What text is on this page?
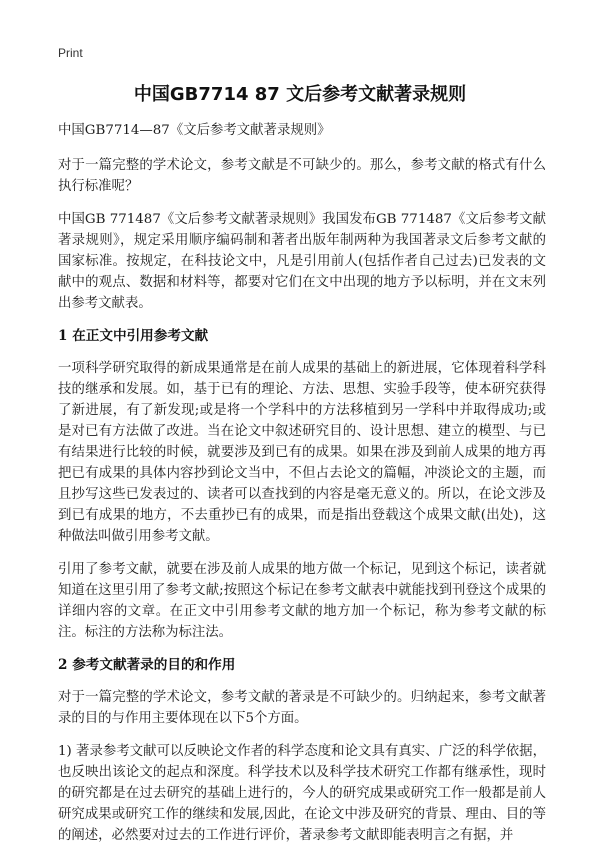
Print
中国GB7714 87 文后参考文献著录规则

中国GB7714—87《文后参考文献著录规则》

对于一篇完整的学术论文，参考文献是不可缺少的。那么，参考文献的格式有什么执行标准呢？

中国GB 771487《文后参考文献著录规则》我国发布GB 771487《文后参考文献著录规则》，规定采用顺序编码制和著者出版年制两种为我国著录文后参考文献的国家标准。按规定，在科技论文中，凡是引用前人(包括作者自己过去)已发表的文献中的观点、数据和材料等，都要对它们在文中出现的地方予以标明，并在文末列出参考文献表。

1 在正文中引用参考文献

一项科学研究取得的新成果通常是在前人成果的基础上的新进展，它体现着科学科技的继承和发展。如，基于已有的理论、方法、思想、实验手段等，使本研究获得了新进展，有了新发现;或是将一个学科中的方法移植到另一学科中并取得成功;或是对已有方法做了改进。当在论文中叙述研究目的、设计思想、建立的模型、与已有结果进行比较的时候，就要涉及到已有的成果。如果在涉及到前人成果的地方再把已有成果的具体内容抄到论文当中，不但占去论文的篇幅，冲淡论文的主题，而且抄写这些已发表过的、读者可以查找到的内容是毫无意义的。所以，在论文涉及到已有成果的地方，不去重抄已有的成果，而是指出登载这个成果文献(出处)，这种做法叫做引用参考文献。

引用了参考文献，就要在涉及前人成果的地方做一个标记，见到这个标记，读者就知道在这里引用了参考文献;按照这个标记在参考文献表中就能找到刊登这个成果的详细内容的文章。在正文中引用参考文献的地方加一个标记，称为参考文献的标注。标注的方法称为标注法。

2 参考文献著录的目的和作用

对于一篇完整的学术论文，参考文献的著录是不可缺少的。归纳起来，参考文献著录的目的与作用主要体现在以下5个方面。

1) 著录参考文献可以反映论文作者的科学态度和论文具有真实、广泛的科学依据，也反映出该论文的起点和深度。科学技术以及科学技术研究工作都有继承性，现时的研究都是在过去研究的基础上进行的，今人的研究成果或研究工作一般都是前人研究成果或研究工作的继续和发展,因此，在论文中涉及研究的背景、理由、目的等的阐述，必然要对过去的工作进行评价，著录参考文献即能表明言之有据，并
